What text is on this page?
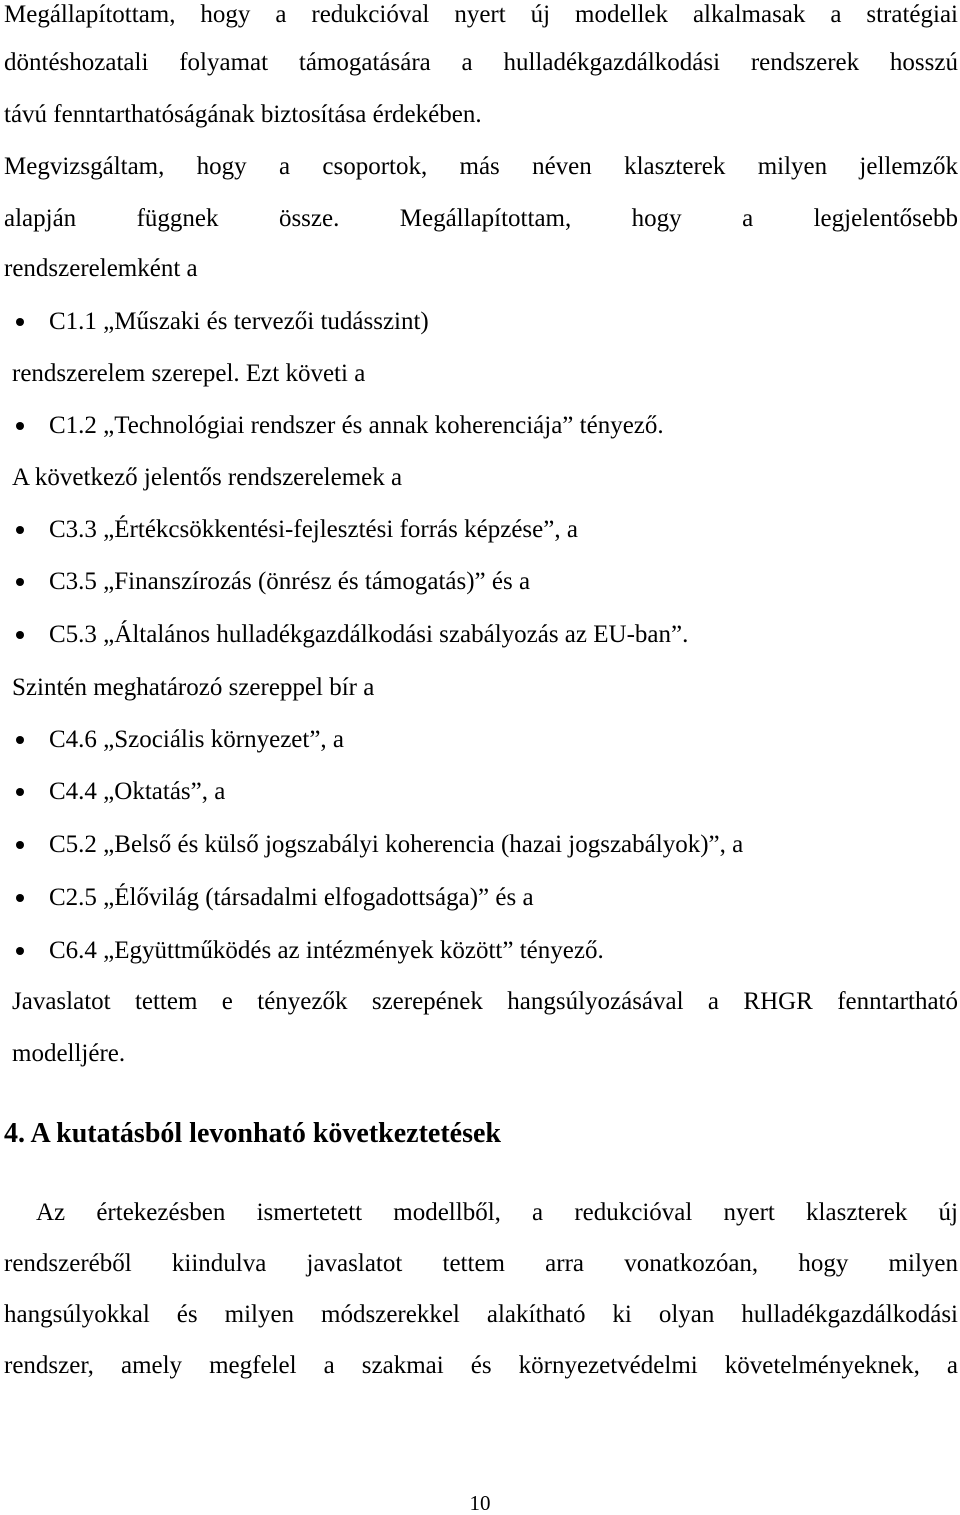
Megállapítottam, hogy a redukcióval nyert új modellek alkalmasak a stratégiai
döntéshozatali folyamat támogatására a hulladékgazdálkodási rendszerek hosszú
távú fenntarthatóságának biztosítása érdekében.
Megvizsgáltam, hogy a csoportok, más néven klaszterek milyen jellemzők
alapján függnek össze. Megállapítottam, hogy a legjelentősebb
rendszerelemként a
C1.1 „Műszaki és tervezői tudásszint)
rendszerelem szerepel. Ezt követi a
C1.2 „Technológiai rendszer és annak koherenciája” tényező.
A következő jelentős rendszerelemek a
C3.3 „Értékcsökkentési-fejlesztési forrás képzése”, a
C3.5 „Finanszírozás (önrész és támogatás)” és a
C5.3 „Általános hulladékgazdálkodási szabályozás az EU-ban”.
Szintén meghatározó szereppel bír a
C4.6 „Szociális környezet”, a
C4.4 „Oktatás”, a
C5.2 „Belső és külső jogszabályi koherencia (hazai jogszabályok)”, a
C2.5 „Élővilág (társadalmi elfogadottsága)” és a
C6.4 „Együttműködés az intézmények között” tényező.
Javaslatot tettem e tényezők szerepének hangsúlyozásával a RHGR fenntartható
modelljére.
4. A kutatásból levonható következtetések
Az értekezésben ismertetett modellből, a redukcióval nyert klaszterek új
rendszeréből kiindulva javaslatot tettem arra vonatkozóan, hogy milyen
hangsúlyokkal és milyen módszerekkel alakítható ki olyan hulladékgazdálkodási
rendszer, amely megfelel a szakmai és környezetvédelmi követelményeknek, a
10
